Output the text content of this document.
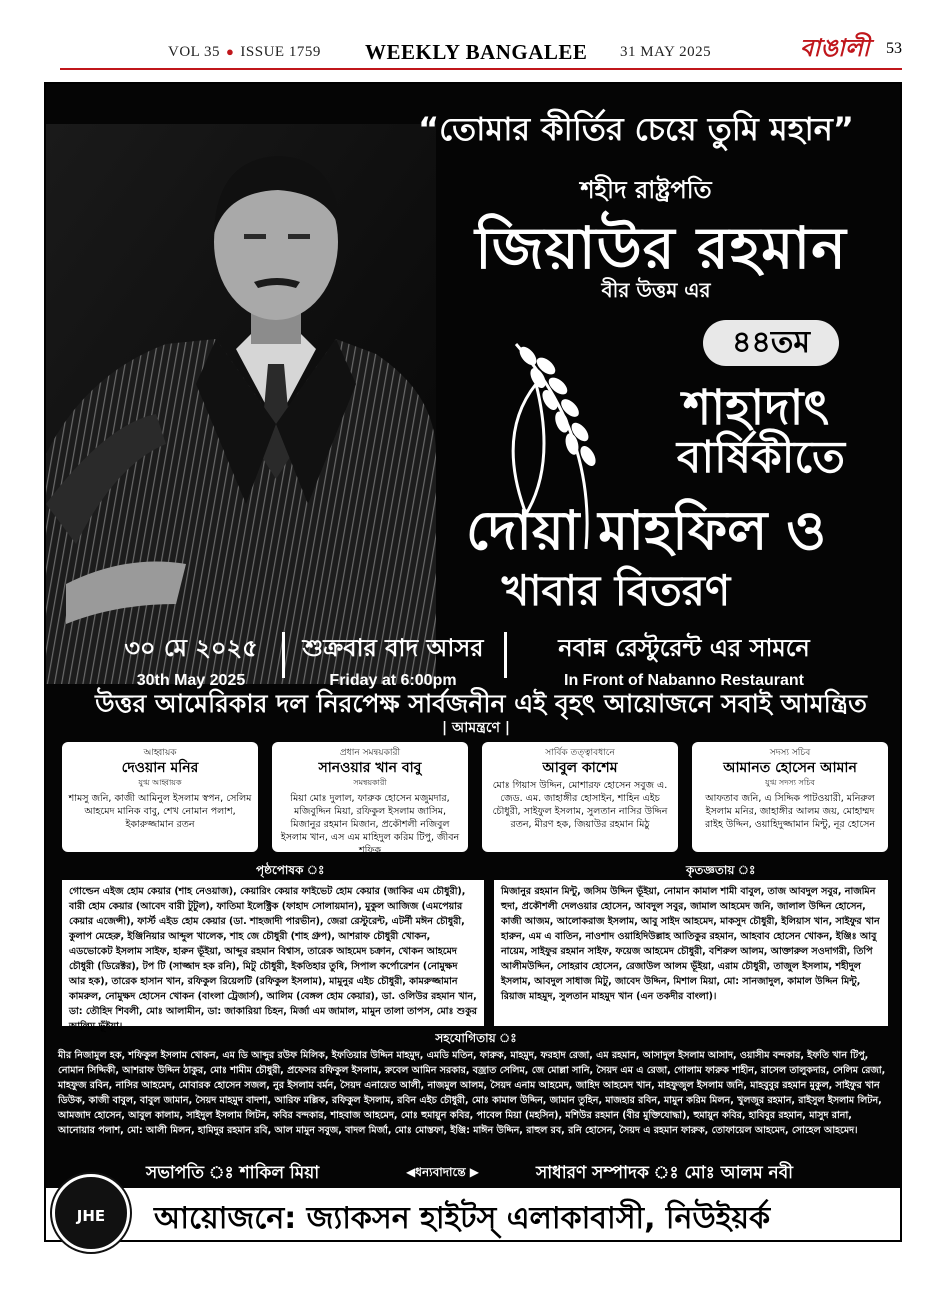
VOL 35 ● ISSUE 1759 WEEKLY BANGALEE 31 MAY 2025	বাঙালী 53
“তোমার কীর্তির চেয়ে তুমি মহান”
শহীদ রাষ্ট্রপতি
জিয়াউর রহমান
বীর উত্তম এর
৪৪তম
শাহাদাৎ
বার্ষিকীতে
দোয়া মাহফিল ও
খাবার বিতরণ
৩০ মে ২০২৫
30th May 2025
শুক্রবার বাদ আসর
Friday at 6:00pm
নবান্ন রেস্টুরেন্ট এর সামনে
In Front of Nabanno Restaurant
উত্তর আমেরিকার দল নিরপেক্ষ সার্বজনীন এই বৃহৎ আয়োজনে সবাই আমন্ত্রিত
| আমন্ত্রণে |
আহ্বায়ক
দেওয়ান মনির
যুগ্ম আহ্বায়ক
শামসু জনি, কাজী আমিনুল ইসলাম স্বপন, সেলিম আহমেদ মানিক বাবু, শেখ নোমান পলাশ, ইকারুজ্জামান রতন
প্রধান সমন্বয়কারী
সানওয়ার খান বাবু
সমন্বয়কারী
মিয়া মোঃ দুলাল, ফারুক হোসেন মজুমদার, মজিবুদ্দিন মিয়া, রফিকুল ইসলাম জাসিম, মিজানুর রহমান মিজান, প্রকৌশলী নজিবুল ইসলাম খান, এস এম মাহিদুল করিম টিপু, জীবন শফিক
সার্বিক তত্ত্বাবধানে
আবুল কাশেম
মোঃ গিয়াস উদ্দিন, মোশারফ হোসেন সবুজ এ. জেড. এম. জাহাঙ্গীর হোসাইন, শাহিন এইচ চৌধুরী, সাইফুল ইসলাম, সুলতান নাসির উদ্দিন রতন, মীরণ হক, জিয়াউর রহমান মিঠু
সদস্য সচিব
আমানত হোসেন আমান
যুগ্ম সদস্য সচিব
আফতাব জনি, এ সিদ্দিক পাটওয়ারী, মনিরুল ইসলাম মনির, জাহাঙ্গীর আলম জয়, মোহাম্মদ রাইহ উদ্দিন, ওয়াহিদুজ্জামান মিন্টু, নূর হোসেন
পৃষ্ঠপোষক ঃ	কৃতজ্ঞতায় ঃ
গোল্ডেন এইজ হোম কেয়ার (শাহ নেওয়াজ), কেয়ারিং কেয়ার ফাইভেট হোম কেয়ার (জাকির এম চৌধুরী), বারী হোম কেয়ার (আবেদ বারী টুটুল), ফাতিমা ইলেক্ট্রিক (ফাহাদ সোলায়মান), মুকুল আজিজ (এমপেয়ার কেয়ার এজেন্সী), ফার্স্ট এইড হোম কেয়ার (ডা. শাহজাদী পারভীন), জেরা রেস্টুরেন্ট, এটর্নী মঈন চৌধুরী, কুলাপ মেহেরু, ইঞ্জিনিয়ার আব্দুল খালেক, শাহ জে চৌধুরী (শাহ গ্রুপ), আশরাফ চৌধুরী খোকন, এডভোকেট ইসলাম সাইফ, হারুন ভূঁইয়া, আব্দুর রহমান বিশ্বাস, তারেক আহমেদ চক্রান, খোকন আহমেদ চৌধুরী (ডিরেক্টর), টপ টি (সাজ্জাদ হক রনি), মিটু চৌধুরী, ইকতিহার তুষি, সিপাল কর্পোরেশন (নোমুক্ষদ আর হক), তারেক হাসান খান, রফিকুল রিয়েলটি (রফিকুল ইসলাম), মামুনুর এইচ চৌধুরী, কামরুজ্জামান কামরুল, নোমুক্ষদ হোসেন খোকন (বাংলা ট্রেজার্স), আলিম (বেঙ্গল হোম কেয়ার), ডা. ওলিউর রহমান খান, ডা: তৌহিদ শিবলী, মোঃ আলামীন, ডা: জাকারিয়া চিহন, মির্জা এম জামাল, মামুন তালা তাপস, মোঃ শুকুর আলিম ভূঁইয়া।
মিজানুর রহমান মিন্টু, জসিম উদ্দিন ভূঁইয়া, নোমান কামাল শামী বাবুল, তাজ আবদুল সবুর, নাজমিন হুদা, প্রকৌশলী দেলওয়ার হোসেন, আবদুল সবুর, জামাল আহমেদ জনি, জালাল উদ্দিন হোসেন, কাজী আজম, আলোকরাজ ইসলাম, আবু সাইদ আহমেদ, মাকসুদ চৌধুরী, ইলিয়াস খান, সাইফুর খান হারুন, এম এ বাতিন, নাওশাদ ওয়াহিদিউল্লাহ আতিকুর রহমান, আহবাব হোসেন খোকন, ইঞ্জিঃ আবু নায়েম, সাইফুর রহমান সাইফ, ফয়েজ আহমেদ চৌধুরী, বশিরুল আলম, আক্তারুল সওদাগরী, তিপি আলীমউদ্দিন, সোহরাব হোসেন, রেজাউল আলম ভূঁইয়া, এরাম চৌধুরী, তাজুল ইসলাম, শহীদুল ইসলাম, আবদুল সাধাজ মিটু, জাবেদ উদ্দিন, মিশাল মিয়া, মো: সানজাদুল, কামাল উদ্দিন মিন্টু, রিয়াজ মাহমুদ, সুলতান মাহমুদ খান (এন তকদীর বাংলা)।
সহযোগিতায় ঃ
মীর নিজামুল হক, শফিকুল ইসলাম খোকন, এম ডি আব্দুর রউফ মিলিক, ইফতিয়ার উদ্দিন মাহমুদ, এমডি মতিন, ফারুক, মাহমুদ, ফরহাদ রেজা, এম রহমান, আসাদুল ইসলাম আসাদ, ওয়াসীম বন্দকার, ইফতি খান টিপু, নোমান সিদ্দিকী, আশরাফ উদ্দিন ঠাকুর, মোঃ শামীম চৌধুরী, প্রফেসর রফিকুল ইসলাম, রুবেল আমিন সরকার, বজ্রাত সেলিম, জে মোল্লা সানি, সৈয়দ এম এ রেজা, গোলাম ফারুক শাহীন, রাসেল তালুকদার, সেলিম রেজা, মাহফুজ রবিন, নাসির আহমেদ, মোবারক হোসেন সজল, নুর ইসলাম বর্মন, সৈয়দ এনায়েত আলী, নাজমুল আলম, সৈয়দ এনাম আহমেদ, জাহিদ আহমেদ খান, মাহফুজুল ইসলাম জনি, মাহবুবুর রহমান মুকুল, সাইফুর খান ডিউক, কাজী বাবুল, বাবুল জামান, সৈয়দ মাহমুদ বাদশা, আরিফ মল্লিক, রফিকুল ইসলাম, রবিন এইচ চৌধুরী, মোঃ কামাল উদ্দিন, জামান তুহিন, মাজহার রবিন, মামুন করিম মিলন, খুলজুর রহমান, রাইসুল ইসলাম লিটন, আমজাদ হোসেন, আবুল কালাম, সাইদুল ইসলাম লিটন, কবির বন্দকার, শাহবাজ আহমেদ, মোঃ হুমায়ুন কবির, পাবেল মিয়া (মহসিন), মশিউর রহমান (বীর মুক্তিযোদ্ধা), হুমায়ুন কবির, হাবিবুর রহমান, মাসুদ রানা, আনোয়ার পলাশ, মো: আলী মিলন, হামিদুর রহমান রবি, আল মামুন সবুজ, বাদল মির্জা, মোঃ মোস্তফা, ইঞ্জি: মাঈন উদ্দিন, রাহুল রব, রনি হোসেন, সৈয়দ এ রহমান ফারুক, তোফায়েল আহমেদ, সোহেল আহমেদ।
সভাপতি ঃ শাকিল মিয়া	◀ধন্যবাদান্তে ▶	সাধারণ সম্পাদক ঃ মোঃ আলম নবী
JHE	আয়োজনে: জ্যাকসন হাইটস্‌ এলাকাবাসী, নিউইয়র্ক
